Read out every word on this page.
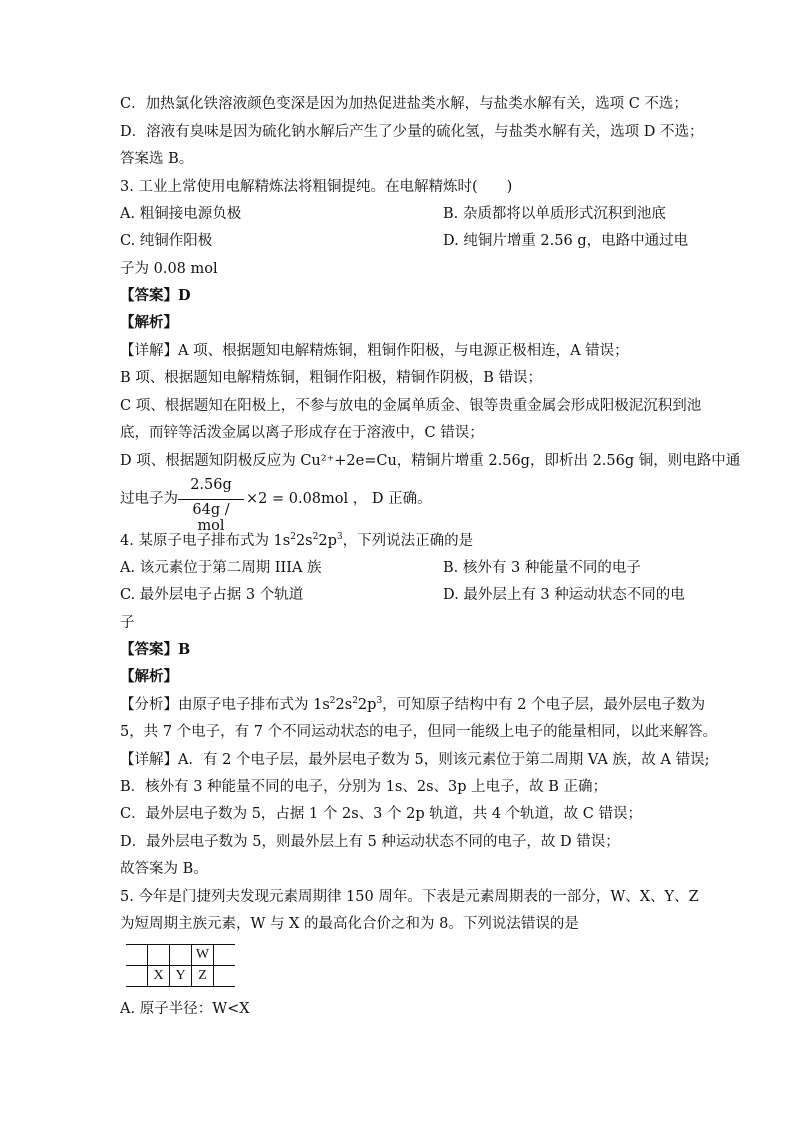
C．加热氯化铁溶液颜色变深是因为加热促进盐类水解，与盐类水解有关，选项 C 不选；
D．溶液有臭味是因为硫化钠水解后产生了少量的硫化氢，与盐类水解有关，选项 D 不选；
答案选 B。
3. 工业上常使用电解精炼法将粗铜提纯。在电解精炼时(　　)
A. 粗铜接电源负极	B. 杂质都将以单质形式沉积到池底
C. 纯铜作阳极	D. 纯铜片增重 2.56 g，电路中通过电
子为 0.08 mol
【答案】D
【解析】
【详解】A 项、根据题知电解精炼铜，粗铜作阳极，与电源正极相连，A 错误；
B 项、根据题知电解精炼铜，粗铜作阳极，精铜作阴极，B 错误；
C 项、根据题知在阳极上，不参与放电的金属单质金、银等贵重金属会形成阳极泥沉积到池
底，而锌等活泼金属以离子形成存在于溶液中，C 错误；
D 项、根据题知阴极反应为 Cu²⁺+2e=Cu，精铜片增重 2.56g，即析出 2.56g 铜，则电路中通
过电子为
2.56g
64g / mol
×2 = 0.08mol ， D 正确。
4. 某原子电子排布式为 $1s^22s^22p^3$，下列说法正确的是
A. 该元素位于第二周期 IIIA 族	B. 核外有 3 种能量不同的电子
C. 最外层电子占据 3 个轨道	D. 最外层上有 3 种运动状态不同的电
子
【答案】B
【解析】
【分析】由原子电子排布式为 $1s^22s^22p^3$，可知原子结构中有 2 个电子层，最外层电子数为
5，共 7 个电子，有 7 个不同运动状态的电子，但同一能级上电子的能量相同，以此来解答。
【详解】A．有 2 个电子层，最外层电子数为 5，则该元素位于第二周期 VA 族，故 A 错误;
B．核外有 3 种能量不同的电子，分别为 1s、2s、3p 上电子，故 B 正确；
C．最外层电子数为 5，占据 1 个 2s、3 个 2p 轨道，共 4 个轨道，故 C 错误；
D．最外层电子数为 5，则最外层上有 5 种运动状态不同的电子，故 D 错误；
故答案为 B。
5. 今年是门捷列夫发现元素周期律 150 周年。下表是元素周期表的一部分，W、X、Y、Z
为短周期主族元素，W 与 X 的最高化合价之和为 8。下列说法错误的是
			W	
	X	Y	Z	
A. 原子半径：W<X
